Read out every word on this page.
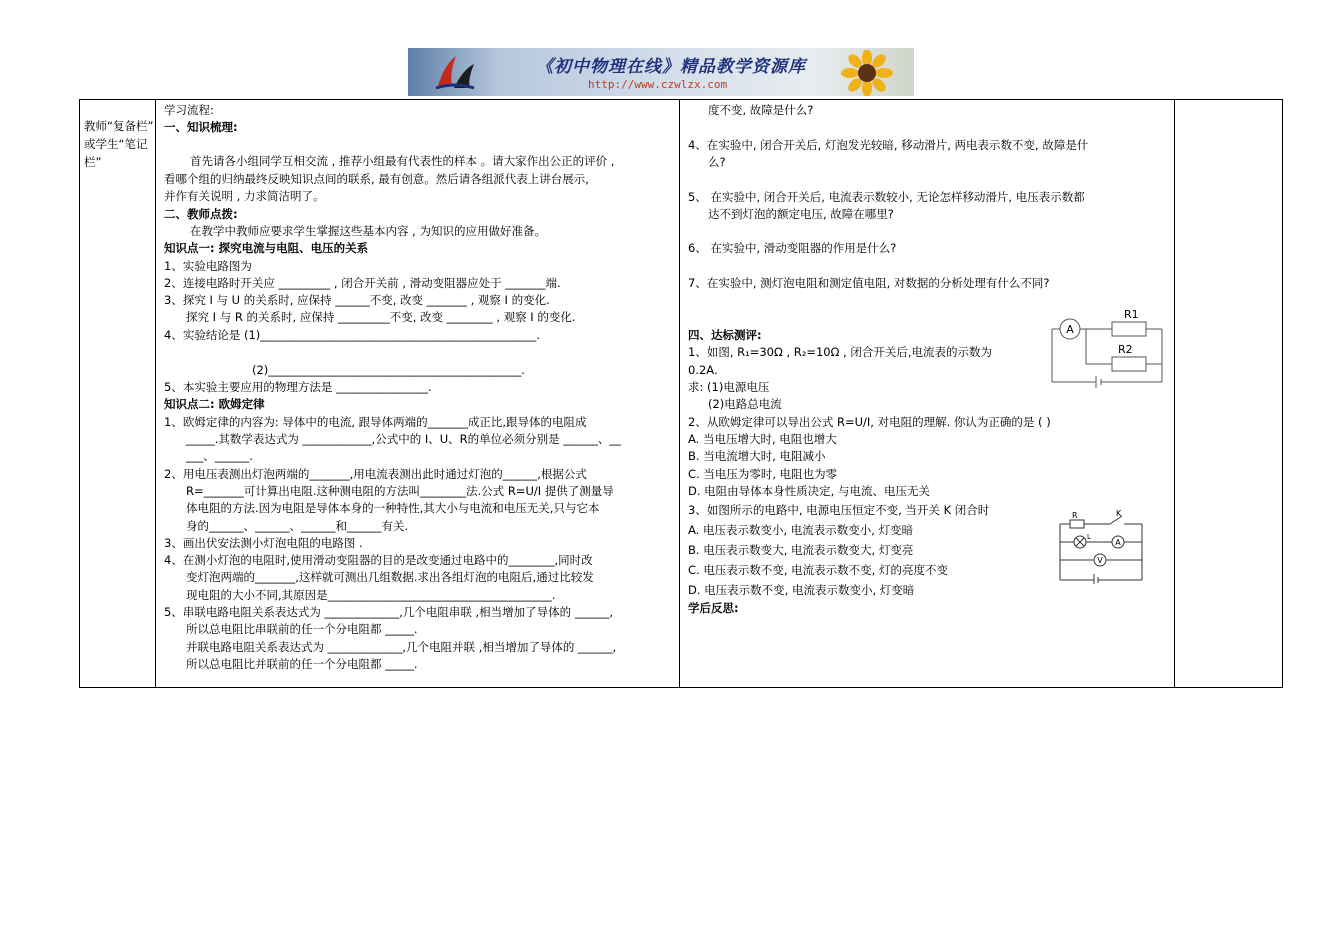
《初中物理在线》精品教学资源库
http://www.czwlzx.com
教师“复备栏”
或学生“笔记
栏”
学习流程:
一、知识梳理:
首先请各小组同学互相交流 , 推荐小组最有代表性的样本 。请大家作出公正的评价 ,
看哪个组的归纳最终反映知识点间的联系, 最有创意。然后请各组派代表上讲台展示,
并作有关说明 , 力求简洁明了。
二、教师点拨:
在教学中教师应要求学生掌握这些基本内容 , 为知识的应用做好准备。
知识点一: 探究电流与电阻、电压的关系
1、实验电路图为
2、连接电路时开关应 _________ , 闭合开关前 , 滑动变阻器应处于 _______端.
3、探究 I 与 U 的关系时, 应保持 ______不变, 改变 _______ , 观察 I 的变化.
探究 I 与 R 的关系时, 应保持 _________不变, 改变 ________ , 观察 I 的变化.
4、实验结论是 (1)________________________________________________.
(2)____________________________________________.
5、本实验主要应用的物理方法是 ________________.
知识点二: 欧姆定律
1、欧姆定律的内容为: 导体中的电流, 跟导体两端的_______成正比,跟导体的电阻成
_____.其数学表达式为 ____________,公式中的 I、U、R的单位必须分别是 ______、__
___、______.
2、用电压表测出灯泡两端的_______,用电流表测出此时通过灯泡的______,根据公式
R=_______可计算出电阻.这种测电阻的方法叫________法.公式 R=U/I 提供了测量导
体电阻的方法.因为电阻是导体本身的一种特性,其大小与电流和电压无关,只与它本
身的______、______、______和______有关.
3、画出伏安法测小灯泡电阻的电路图 .
4、在测小灯泡的电阻时,使用滑动变阻器的目的是改变通过电路中的________,同时改
变灯泡两端的_______,这样就可测出几组数据.求出各组灯泡的电阻后,通过比较发
现电阻的大小不同,其原因是_______________________________________.
5、串联电路电阻关系表达式为 _____________,几个电阻串联 ,相当增加了导体的 ______,
所以总电阻比串联前的任一个分电阻都 _____.
并联电路电阻关系表达式为 _____________,几个电阻并联 ,相当增加了导体的 ______,
所以总电阻比并联前的任一个分电阻都 _____.
A
R1
R2
R	K
L
A
V
度不变, 故障是什么?
4、在实验中, 闭合开关后, 灯泡发光较暗, 移动滑片, 两电表示数不变, 故障是什
么?
5、 在实验中, 闭合开关后, 电流表示数较小, 无论怎样移动滑片, 电压表示数都
达不到灯泡的额定电压, 故障在哪里?
6、 在实验中, 滑动变阻器的作用是什么?
7、在实验中, 测灯泡电阻和测定值电阻, 对数据的分析处理有什么不同?
四、达标测评:
1、如图, R₁=30Ω , R₂=10Ω , 闭合开关后,电流表的示数为
0.2A.
求: (1)电源电压
(2)电路总电流
2、从欧姆定律可以导出公式 R=U/I, 对电阻的理解. 你认为正确的是 ( )
A. 当电压增大时, 电阻也增大
B. 当电流增大时, 电阻减小
C. 当电压为零时, 电阻也为零
D. 电阻由导体本身性质决定, 与电流、电压无关
3、如图所示的电路中, 电源电压恒定不变, 当开关 K 闭合时
A. 电压表示数变小, 电流表示数变小, 灯变暗
B. 电压表示数变大, 电流表示数变大, 灯变亮
C. 电压表示数不变, 电流表示数不变, 灯的亮度不变
D. 电压表示数不变, 电流表示数变小, 灯变暗
学后反思:
